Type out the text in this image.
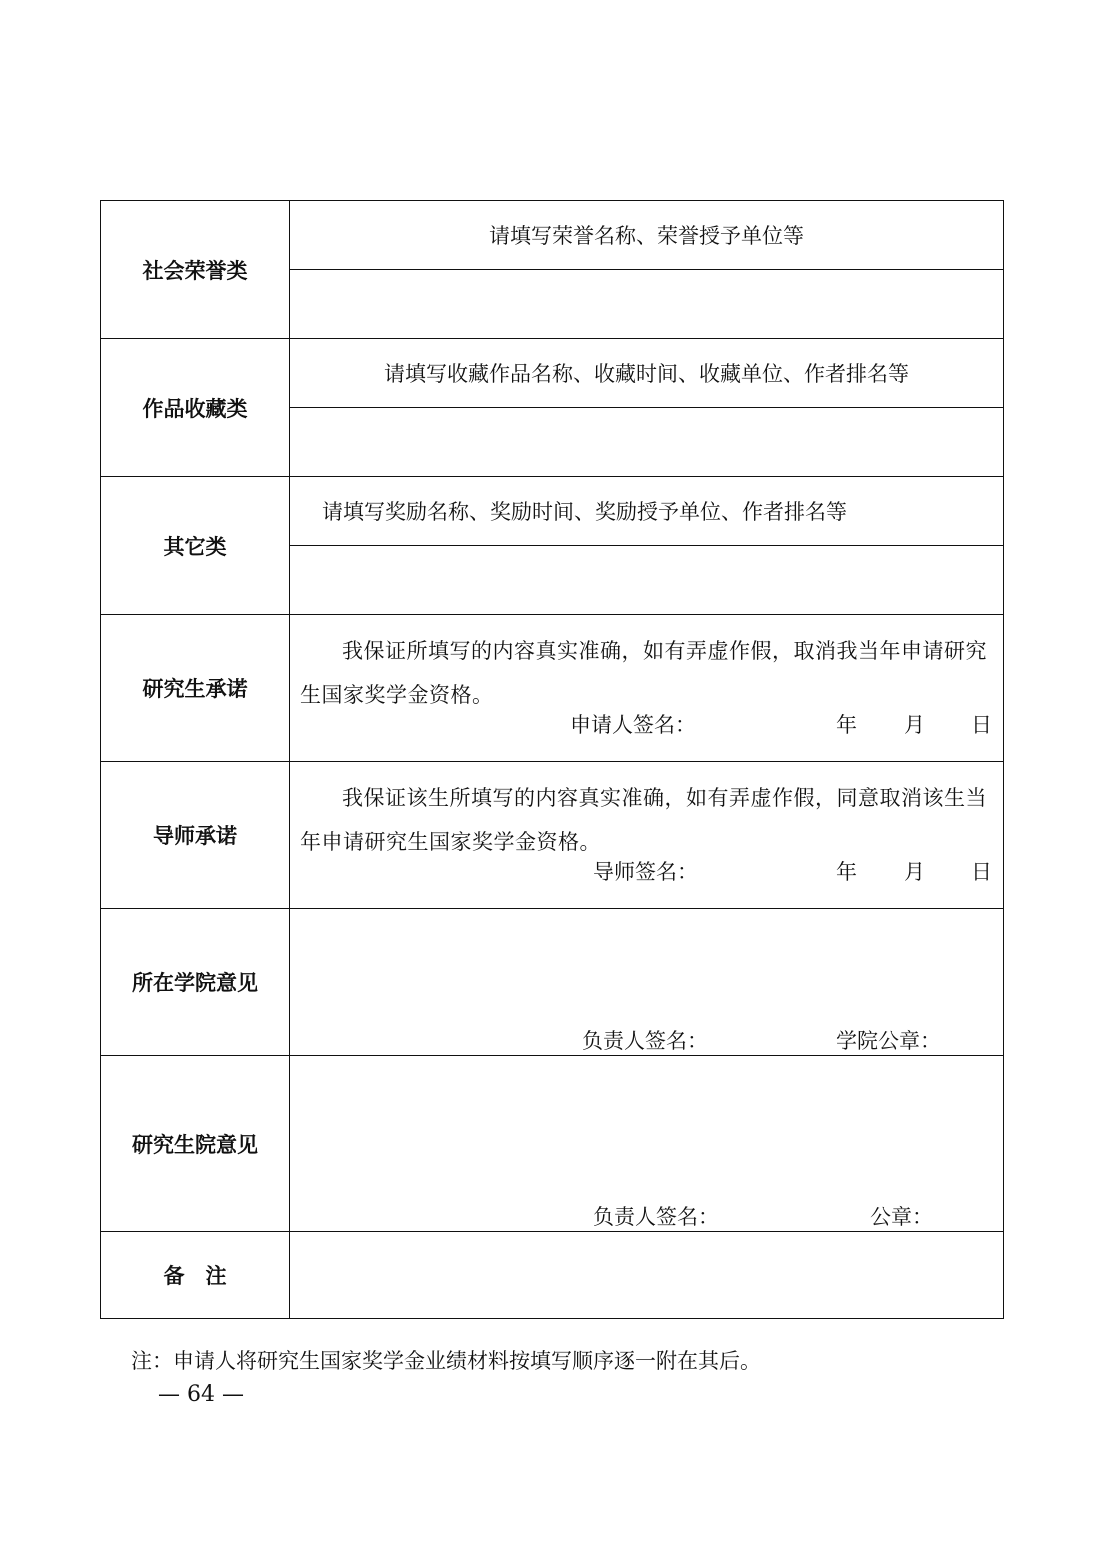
社会荣誉类	请填写荣誉名称、荣誉授予单位等

作品收藏类	请填写收藏作品名称、收藏时间、收藏单位、作者排名等

其它类	请填写奖励名称、奖励时间、奖励授予单位、作者排名等

研究生承诺	我保证所填写的内容真实准确，如有弄虚作假，取消我当年申请研究生国家奖学金资格。
申请人签名： 年 月 日

导师承诺	我保证该生所填写的内容真实准确，如有弄虚作假，同意取消该生当年申请研究生国家奖学金资格。
导师签名： 年 月 日

所在学院意见	负责人签名： 学院公章：

研究生院意见	负责人签名： 公章：

备　注	
注：申请人将研究生国家奖学金业绩材料按填写顺序逐一附在其后。
— 64 —
